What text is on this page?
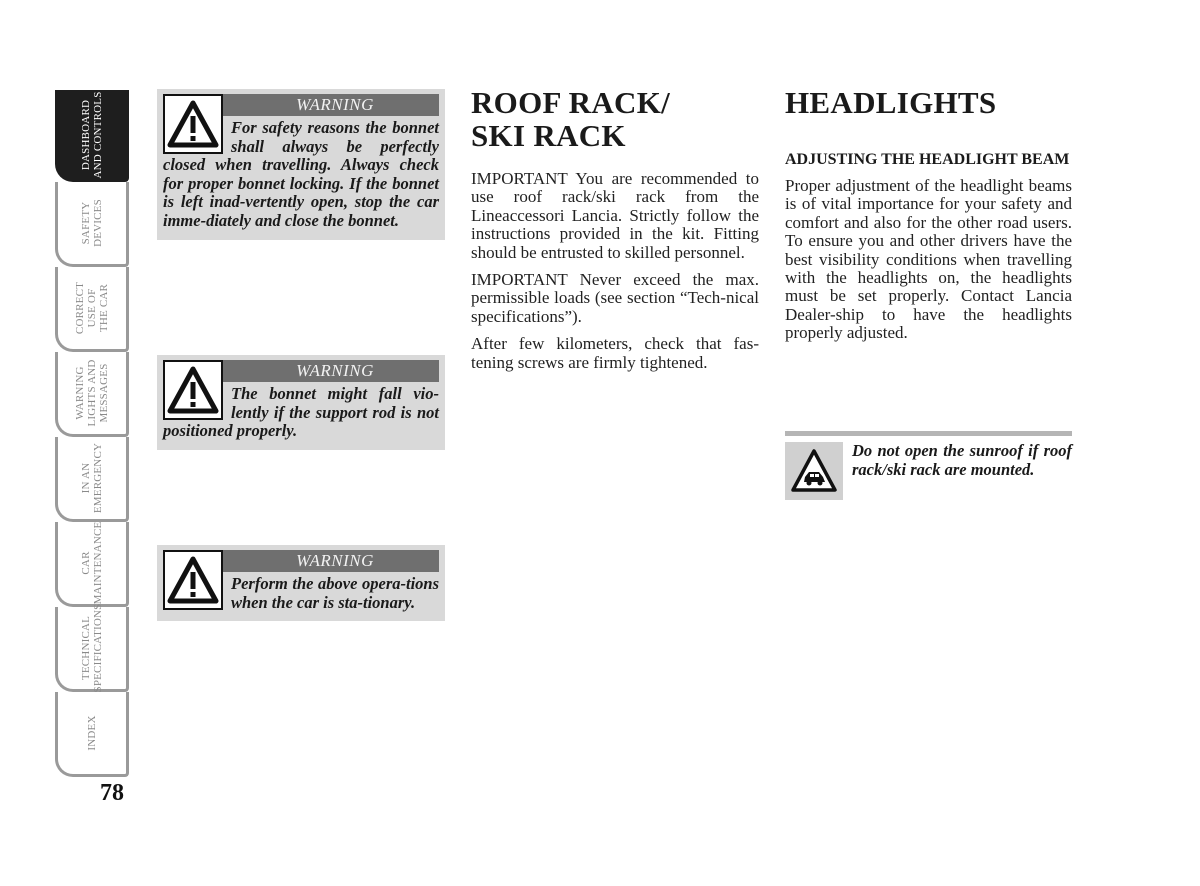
DASHBOARD
AND CONTROLS
SAFETY
DEVICES
CORRECT
USE OF
THE CAR
WARNING
LIGHTS AND
MESSAGES
IN AN
EMERGENCY
CAR
MAINTENANCE
TECHNICAL
SPECIFICATIONS
INDEX
78
WARNING
For safety reasons the bonnet shall always be perfectly closed when travelling. Always check for proper bonnet locking. If the bonnet is left inad-vertently open, stop the car imme-diately and close the bonnet.
WARNING
The bonnet might fall vio-lently if the support rod is not positioned properly.
WARNING
Perform the above opera-tions when the car is sta-tionary.
ROOF RACK/
SKI RACK

IMPORTANT You are recommended to use roof rack/ski rack from the Lineaccessori Lancia. Strictly follow the instructions provided in the kit. Fitting should be entrusted to skilled personnel.

IMPORTANT Never exceed the max. permissible loads (see section “Tech-nical specifications”).

After few kilometers, check that fas-tening screws are firmly tightened.

HEADLIGHTS
ADJUSTING THE HEADLIGHT BEAM

Proper adjustment of the headlight beams is of vital importance for your safety and comfort and also for the other road users. To ensure you and other drivers have the best visibility conditions when travelling with the headlights on, the headlights must be set properly. Contact Lancia Dealer-ship to have the headlights properly adjusted.

Do not open the sunroof if roof rack/ski rack are mounted.
